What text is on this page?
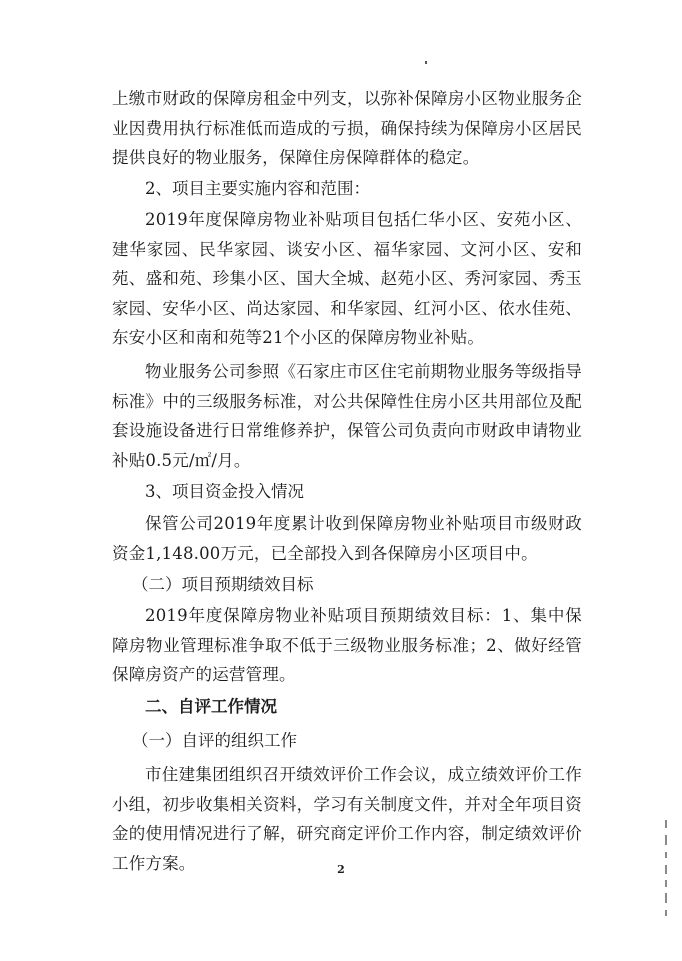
上缴市财政的保障房租金中列支，以弥补保障房小区物业服务企业因费用执行标准低而造成的亏损，确保持续为保障房小区居民提供良好的物业服务，保障住房保障群体的稳定。

2、项目主要实施内容和范围：

2019年度保障房物业补贴项目包括仁华小区、安苑小区、建华家园、民华家园、谈安小区、福华家园、文河小区、安和苑、盛和苑、珍集小区、国大全城、赵苑小区、秀河家园、秀玉家园、安华小区、尚达家园、和华家园、红河小区、依水佳苑、东安小区和南和苑等21个小区的保障房物业补贴。

物业服务公司参照《石家庄市区住宅前期物业服务等级指导标准》中的三级服务标准，对公共保障性住房小区共用部位及配套设施设备进行日常维修养护，保管公司负责向市财政申请物业补贴0.5元/㎡/月。

3、项目资金投入情况

保管公司2019年度累计收到保障房物业补贴项目市级财政资金1,148.00万元，已全部投入到各保障房小区项目中。

（二）项目预期绩效目标

2019年度保障房物业补贴项目预期绩效目标：1、集中保障房物业管理标准争取不低于三级物业服务标准；2、做好经管保障房资产的运营管理。

二、自评工作情况

（一）自评的组织工作

市住建集团组织召开绩效评价工作会议，成立绩效评价工作小组，初步收集相关资料，学习有关制度文件，并对全年项目资金的使用情况进行了解，研究商定评价工作内容，制定绩效评价工作方案。	2
